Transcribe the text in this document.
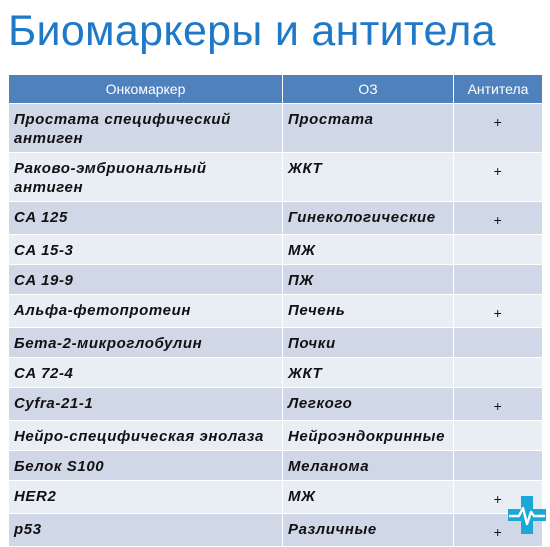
Биомаркеры и антитела
Онкомаркер	ОЗ	Антитела
Простата специфический антиген	Простата	+
Раково-эмбриональный антиген	ЖКТ	+
CA 125	Гинекологические	+
CA 15-3	МЖ	
CA 19-9	ПЖ	
Альфа-фетопротеин	Печень	+
Бета-2-микроглобулин	Почки	
CA 72-4	ЖКТ	
Cyfra-21-1	Легкого	+
Нейро-специфическая энолаза	Нейроэндокринные	
Белок S100	Меланома	
HER2	МЖ	+
p53	Различные	+
